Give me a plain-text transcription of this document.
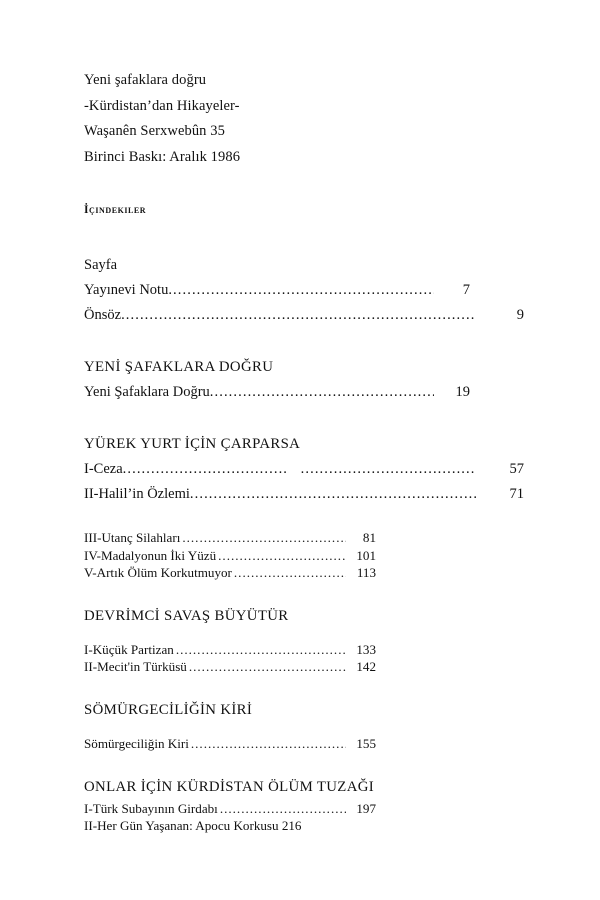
Yeni şafaklara doğru
-Kürdistan’dan Hikayeler-
Waşanên Serxwebûn 35
Birinci Baskı: Aralık 1986
İçindekiler
Sayfa
Yayınevi Notu .....	7
Önsöz .....	9
YENİ ŞAFAKLARA DOĞRU
Yeni Şafaklara Doğru .....	19
YÜREK YURT İÇİN ÇARPARSA
I-Ceza ..... .....	57
II-Halil’in Özlemi .....	71
III-Utanç Silahları .....	81
IV-Madalyonun İki Yüzü .....	101
V-Artık Ölüm Korkutmuyor .....	113
DEVRİMCİ SAVAŞ BÜYÜTÜR
I-Küçük Partizan .....	133
II-Mecit'in Türküsü .....	142
SÖMÜRGECİLİĞİN KİRİ
Sömürgeciliğin Kiri .....	155
ONLAR İÇİN KÜRDİSTAN ÖLÜM TUZAĞI
I-Türk Subayının Girdabı .....	197
II-Her Gün Yaşanan: Apocu Korkusu 216
